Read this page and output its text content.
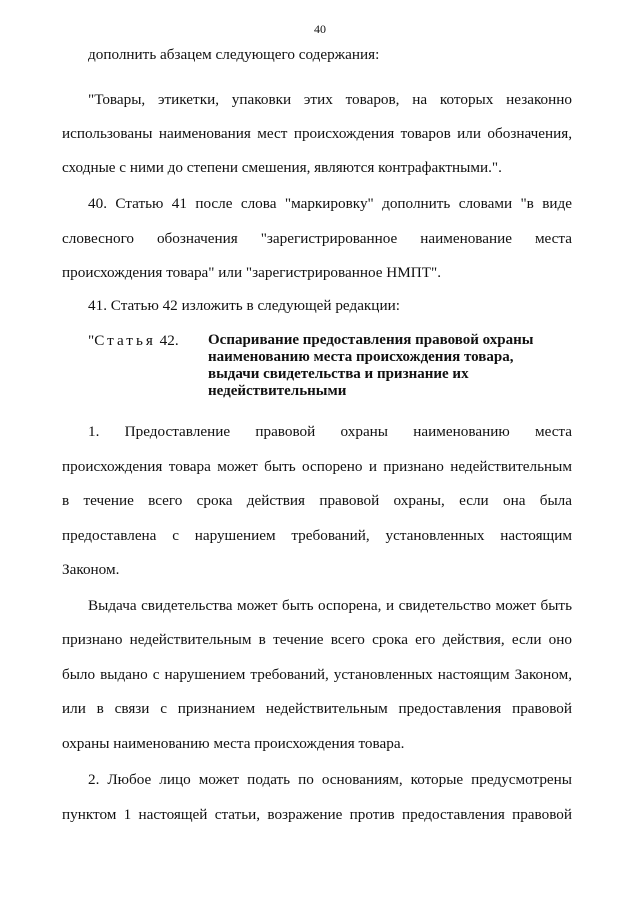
40
дополнить абзацем следующего содержания:
"Товары, этикетки, упаковки этих товаров, на которых незаконно
использованы наименования мест происхождения товаров или обозначения,
сходные с ними до степени смешения, являются контрафактными.".
40. Статью 41 после слова "маркировку" дополнить словами "в виде
словесного обозначения "зарегистрированное наименование места
происхождения товара" или "зарегистрированное НМПТ".
41. Статью 42 изложить в следующей редакции:
"Статья 42. Оспаривание предоставления правовой охраны
наименованию места происхождения товара,
выдачи свидетельства и признание их
недействительными
1. Предоставление правовой охраны наименованию места
происхождения товара может быть оспорено и признано недействительным
в течение всего срока действия правовой охраны, если она была
предоставлена с нарушением требований, установленных настоящим
Законом.
Выдача свидетельства может быть оспорена, и свидетельство может быть
признано недействительным в течение всего срока его действия, если оно
было выдано с нарушением требований, установленных настоящим Законом,
или в связи с признанием недействительным предоставления правовой
охраны наименованию места происхождения товара.
2. Любое лицо может подать по основаниям, которые предусмотрены
пунктом 1 настоящей статьи, возражение против предоставления правовой
